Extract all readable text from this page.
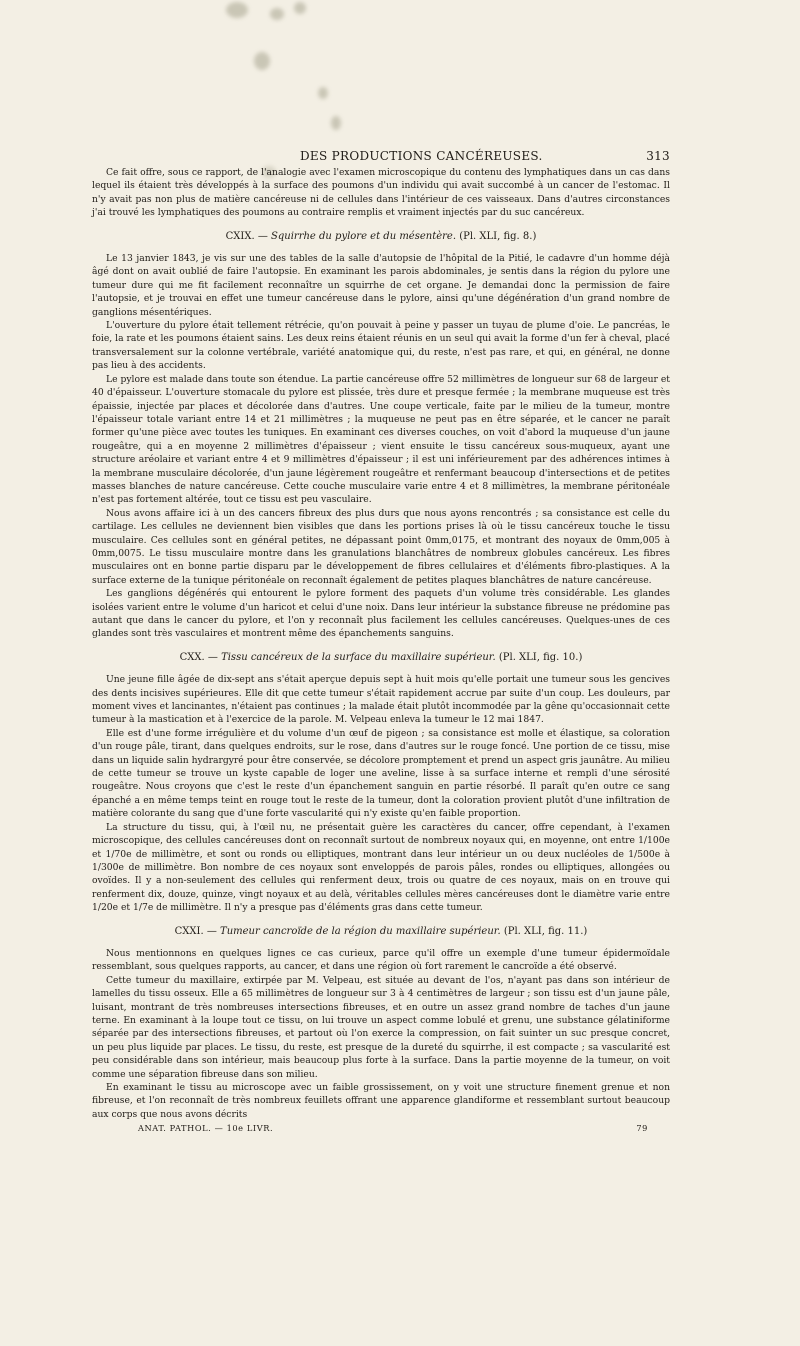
DES PRODUCTIONS CANCÉREUSES.	313

Ce fait offre, sous ce rapport, de l'analogie avec l'examen microscopique du contenu des lymphatiques dans un cas dans lequel ils étaient très développés à la surface des poumons d'un individu qui avait succombé à un cancer de l'estomac. Il n'y avait pas non plus de matière cancéreuse ni de cellules dans l'intérieur de ces vaisseaux. Dans d'autres circonstances j'ai trouvé les lymphatiques des poumons au contraire remplis et vraiment injectés par du suc cancéreux.

CXIX. — Squirrhe du pylore et du mésentère. (Pl. XLI, fig. 8.)

Le 13 janvier 1843, je vis sur une des tables de la salle d'autopsie de l'hôpital de la Pitié, le cadavre d'un homme déjà âgé dont on avait oublié de faire l'autopsie. En examinant les parois abdominales, je sentis dans la région du pylore une tumeur dure qui me fit facilement reconnaître un squirrhe de cet organe. Je demandai donc la permission de faire l'autopsie, et je trouvai en effet une tumeur cancéreuse dans le pylore, ainsi qu'une dégénération d'un grand nombre de ganglions mésentériques.

L'ouverture du pylore était tellement rétrécie, qu'on pouvait à peine y passer un tuyau de plume d'oie. Le pancréas, le foie, la rate et les poumons étaient sains. Les deux reins étaient réunis en un seul qui avait la forme d'un fer à cheval, placé transversalement sur la colonne vertébrale, variété anatomique qui, du reste, n'est pas rare, et qui, en général, ne donne pas lieu à des accidents.

Le pylore est malade dans toute son étendue. La partie cancéreuse offre 52 millimètres de longueur sur 68 de largeur et 40 d'épaisseur. L'ouverture stomacale du pylore est plissée, très dure et presque fermée ; la membrane muqueuse est très épaissie, injectée par places et décolorée dans d'autres. Une coupe verticale, faite par le milieu de la tumeur, montre l'épaisseur totale variant entre 14 et 21 millimètres ; la muqueuse ne peut pas en être séparée, et le cancer ne paraît former qu'une pièce avec toutes les tuniques. En examinant ces diverses couches, on voit d'abord la muqueuse d'un jaune rougeâtre, qui a en moyenne 2 millimètres d'épaisseur ; vient ensuite le tissu cancéreux sous-muqueux, ayant une structure aréolaire et variant entre 4 et 9 millimètres d'épaisseur ; il est uni inférieurement par des adhérences intimes à la membrane musculaire décolorée, d'un jaune légèrement rougeâtre et renfermant beaucoup d'intersections et de petites masses blanches de nature cancéreuse. Cette couche musculaire varie entre 4 et 8 millimètres, la membrane péritonéale n'est pas fortement altérée, tout ce tissu est peu vasculaire.

Nous avons affaire ici à un des cancers fibreux des plus durs que nous ayons rencontrés ; sa consistance est celle du cartilage. Les cellules ne deviennent bien visibles que dans les portions prises là où le tissu cancéreux touche le tissu musculaire. Ces cellules sont en général petites, ne dépassant point 0mm,0175, et montrant des noyaux de 0mm,005 à 0mm,0075. Le tissu musculaire montre dans les granulations blanchâtres de nombreux globules cancéreux. Les fibres musculaires ont en bonne partie disparu par le développement de fibres cellulaires et d'éléments fibro-plastiques. A la surface externe de la tunique péritonéale on reconnaît également de petites plaques blanchâtres de nature cancéreuse.

Les ganglions dégénérés qui entourent le pylore forment des paquets d'un volume très considérable. Les glandes isolées varient entre le volume d'un haricot et celui d'une noix. Dans leur intérieur la substance fibreuse ne prédomine pas autant que dans le cancer du pylore, et l'on y reconnaît plus facilement les cellules cancéreuses. Quelques-unes de ces glandes sont très vasculaires et montrent même des épanchements sanguins.

CXX. — Tissu cancéreux de la surface du maxillaire supérieur. (Pl. XLI, fig. 10.)

Une jeune fille âgée de dix-sept ans s'était aperçue depuis sept à huit mois qu'elle portait une tumeur sous les gencives des dents incisives supérieures. Elle dit que cette tumeur s'était rapidement accrue par suite d'un coup. Les douleurs, par moment vives et lancinantes, n'étaient pas continues ; la malade était plutôt incommodée par la gêne qu'occasionnait cette tumeur à la mastication et à l'exercice de la parole. M. Velpeau enleva la tumeur le 12 mai 1847.

Elle est d'une forme irrégulière et du volume d'un œuf de pigeon ; sa consistance est molle et élastique, sa coloration d'un rouge pâle, tirant, dans quelques endroits, sur le rose, dans d'autres sur le rouge foncé. Une portion de ce tissu, mise dans un liquide salin hydrargyré pour être conservée, se décolore promptement et prend un aspect gris jaunâtre. Au milieu de cette tumeur se trouve un kyste capable de loger une aveline, lisse à sa surface interne et rempli d'une sérosité rougeâtre. Nous croyons que c'est le reste d'un épanchement sanguin en partie résorbé. Il paraît qu'en outre ce sang épanché a en même temps teint en rouge tout le reste de la tumeur, dont la coloration provient plutôt d'une infiltration de matière colorante du sang que d'une forte vascularité qui n'y existe qu'en faible proportion.

La structure du tissu, qui, à l'œil nu, ne présentait guère les caractères du cancer, offre cependant, à l'examen microscopique, des cellules cancéreuses dont on reconnaît surtout de nombreux noyaux qui, en moyenne, ont entre 1/100e et 1/70e de millimètre, et sont ou ronds ou elliptiques, montrant dans leur intérieur un ou deux nucléoles de 1/500e à 1/300e de millimètre. Bon nombre de ces noyaux sont enveloppés de parois pâles, rondes ou elliptiques, allongées ou ovoïdes. Il y a non-seulement des cellules qui renferment deux, trois ou quatre de ces noyaux, mais on en trouve qui renferment dix, douze, quinze, vingt noyaux et au delà, véritables cellules mères cancéreuses dont le diamètre varie entre 1/20e et 1/7e de millimètre. Il n'y a presque pas d'éléments gras dans cette tumeur.

CXXI. — Tumeur cancroïde de la région du maxillaire supérieur. (Pl. XLI, fig. 11.)

Nous mentionnons en quelques lignes ce cas curieux, parce qu'il offre un exemple d'une tumeur épidermoïdale ressemblant, sous quelques rapports, au cancer, et dans une région où fort rarement le cancroïde a été observé.

Cette tumeur du maxillaire, extirpée par M. Velpeau, est située au devant de l'os, n'ayant pas dans son intérieur de lamelles du tissu osseux. Elle a 65 millimètres de longueur sur 3 à 4 centimètres de largeur ; son tissu est d'un jaune pâle, luisant, montrant de très nombreuses intersections fibreuses, et en outre un assez grand nombre de taches d'un jaune terne. En examinant à la loupe tout ce tissu, on lui trouve un aspect comme lobulé et grenu, une substance gélatiniforme séparée par des intersections fibreuses, et partout où l'on exerce la compression, on fait suinter un suc presque concret, un peu plus liquide par places. Le tissu, du reste, est presque de la dureté du squirrhe, il est compacte ; sa vascularité est peu considérable dans son intérieur, mais beaucoup plus forte à la surface. Dans la partie moyenne de la tumeur, on voit comme une séparation fibreuse dans son milieu.

En examinant le tissu au microscope avec un faible grossissement, on y voit une structure finement grenue et non fibreuse, et l'on reconnaît de très nombreux feuillets offrant une apparence glandiforme et ressemblant surtout beaucoup aux corps que nous avons décrits

ANAT. PATHOL. — 10e LIVR.	79
